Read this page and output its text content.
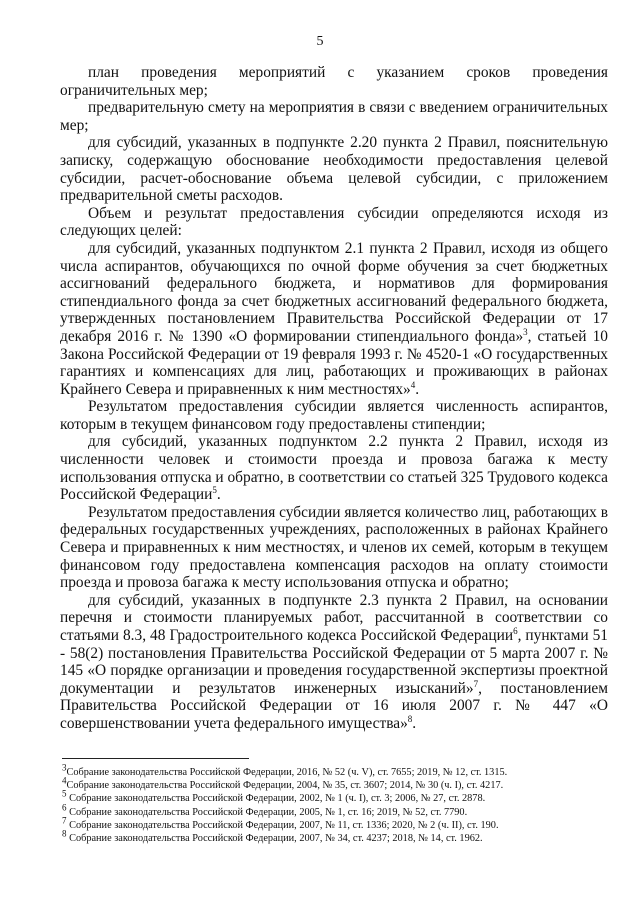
5

план проведения мероприятий с указанием сроков проведения ограничительных мер;

предварительную смету на мероприятия в связи с введением ограничительных мер;

для субсидий, указанных в подпункте 2.20 пункта 2 Правил, пояснительную записку, содержащую обоснование необходимости предоставления целевой субсидии, расчет-обоснование объема целевой субсидии, с приложением предварительной сметы расходов.

Объем и результат предоставления субсидии определяются исходя из следующих целей:

для субсидий, указанных подпунктом 2.1 пункта 2 Правил, исходя из общего числа аспирантов, обучающихся по очной форме обучения за счет бюджетных ассигнований федерального бюджета, и нормативов для формирования стипендиального фонда за счет бюджетных ассигнований федерального бюджета, утвержденных постановлением Правительства Российской Федерации от 17 декабря 2016 г. № 1390 «О формировании стипендиального фонда»$^3$, статьей 10 Закона Российской Федерации от 19 февраля 1993 г. № 4520-1 «О государственных гарантиях и компенсациях для лиц, работающих и проживающих в районах Крайнего Севера и приравненных к ним местностях»$^4$.

Результатом предоставления субсидии является численность аспирантов, которым в текущем финансовом году предоставлены стипендии;

для субсидий, указанных подпунктом 2.2 пункта 2 Правил, исходя из численности человек и стоимости проезда и провоза багажа к месту использования отпуска и обратно, в соответствии со статьей 325 Трудового кодекса Российской Федерации$^5$.

Результатом предоставления субсидии является количество лиц, работающих в федеральных государственных учреждениях, расположенных в районах Крайнего Севера и приравненных к ним местностях, и членов их семей, которым в текущем финансовом году предоставлена компенсация расходов на оплату стоимости проезда и провоза багажа к месту использования отпуска и обратно;

для субсидий, указанных в подпункте 2.3 пункта 2 Правил, на основании перечня и стоимости планируемых работ, рассчитанной в соответствии со статьями 8.3, 48 Градостроительного кодекса Российской Федерации$^6$, пунктами 51 - 58(2) постановления Правительства Российской Федерации от 5 марта 2007 г. № 145 «О порядке организации и проведения государственной экспертизы проектной документации и результатов инженерных изысканий»$^7$, постановлением Правительства Российской Федерации от 16 июля 2007 г. № 447 «О совершенствовании учета федерального имущества»$^8$.

$^3$Собрание законодательства Российской Федерации, 2016, № 52 (ч. V), ст. 7655; 2019, № 12, ст. 1315.
$^4$Собрание законодательства Российской Федерации, 2004, № 35, ст. 3607; 2014, № 30 (ч. I), ст. 4217.
$^5$ Собрание законодательства Российской Федерации, 2002, № 1 (ч. I), ст. 3; 2006, № 27, ст. 2878.
$^6$ Собрание законодательства Российской Федерации, 2005, № 1, ст. 16; 2019, № 52, ст. 7790.
$^7$ Собрание законодательства Российской Федерации, 2007, № 11, ст. 1336; 2020, № 2 (ч. II), ст. 190.
$^8$ Собрание законодательства Российской Федерации, 2007, № 34, ст. 4237; 2018, № 14, ст. 1962.
